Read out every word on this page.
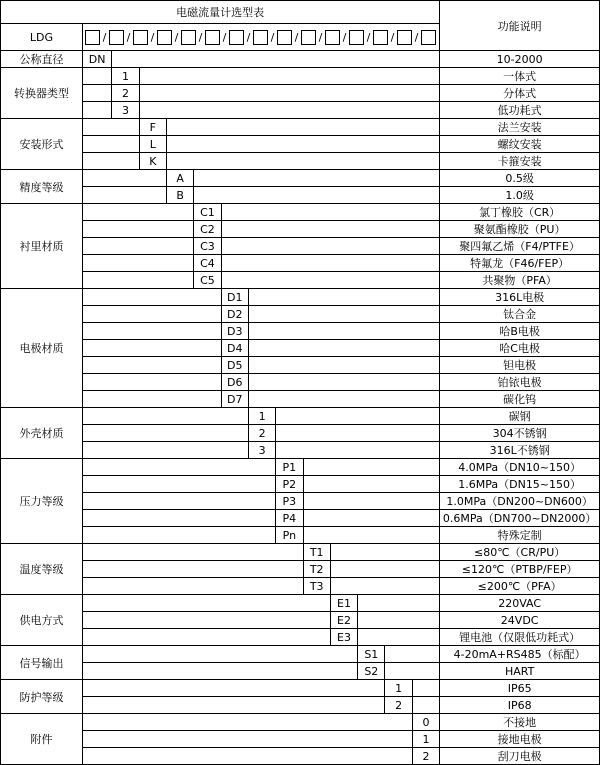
电磁流量计选型表														功能说明
LDG	/ / / / / / / / / / / / / /

公称直径	DN													10-2000
转换器类型		1												一体式
		2												分体式
		3												低功耗式
安装形式			F											法兰安装
			L											螺纹安装
			K											卡箍安装
精度等级				A										0.5级
				B										1.0级
衬里材质					C1									氯丁橡胶（CR）
					C2									聚氨酯橡胶（PU）
					C3									聚四氟乙烯（F4/PTFE）
					C4									特氟龙（F46/FEP）
					C5									共聚物（PFA）
电极材质						D1								316L电极
						D2								钛合金
						D3								哈B电极
						D4								哈C电极
						D5								钽电极
						D6								铂铱电极
						D7								碳化钨
外壳材质							1							碳钢
							2							304不锈钢
							3							316L不锈钢
压力等级								P1						4.0MPa（DN10~150）
								P2						1.6MPa（DN15~150）
								P3						1.0MPa（DN200~DN600）
								P4						0.6MPa（DN700~DN2000）
								Pn						特殊定制
温度等级									T1					≤80℃（CR/PU）
									T2					≤120℃（PTBP/FEP）
									T3					≤200℃（PFA）
供电方式										E1				220VAC
										E2				24VDC
										E3				锂电池（仅限低功耗式）
信号输出											S1			4-20mA+RS485（标配）
											S2			HART
防护等级												1		IP65
												2		IP68
附件													0	不接地
													1	接地电极
													2	刮刀电极
